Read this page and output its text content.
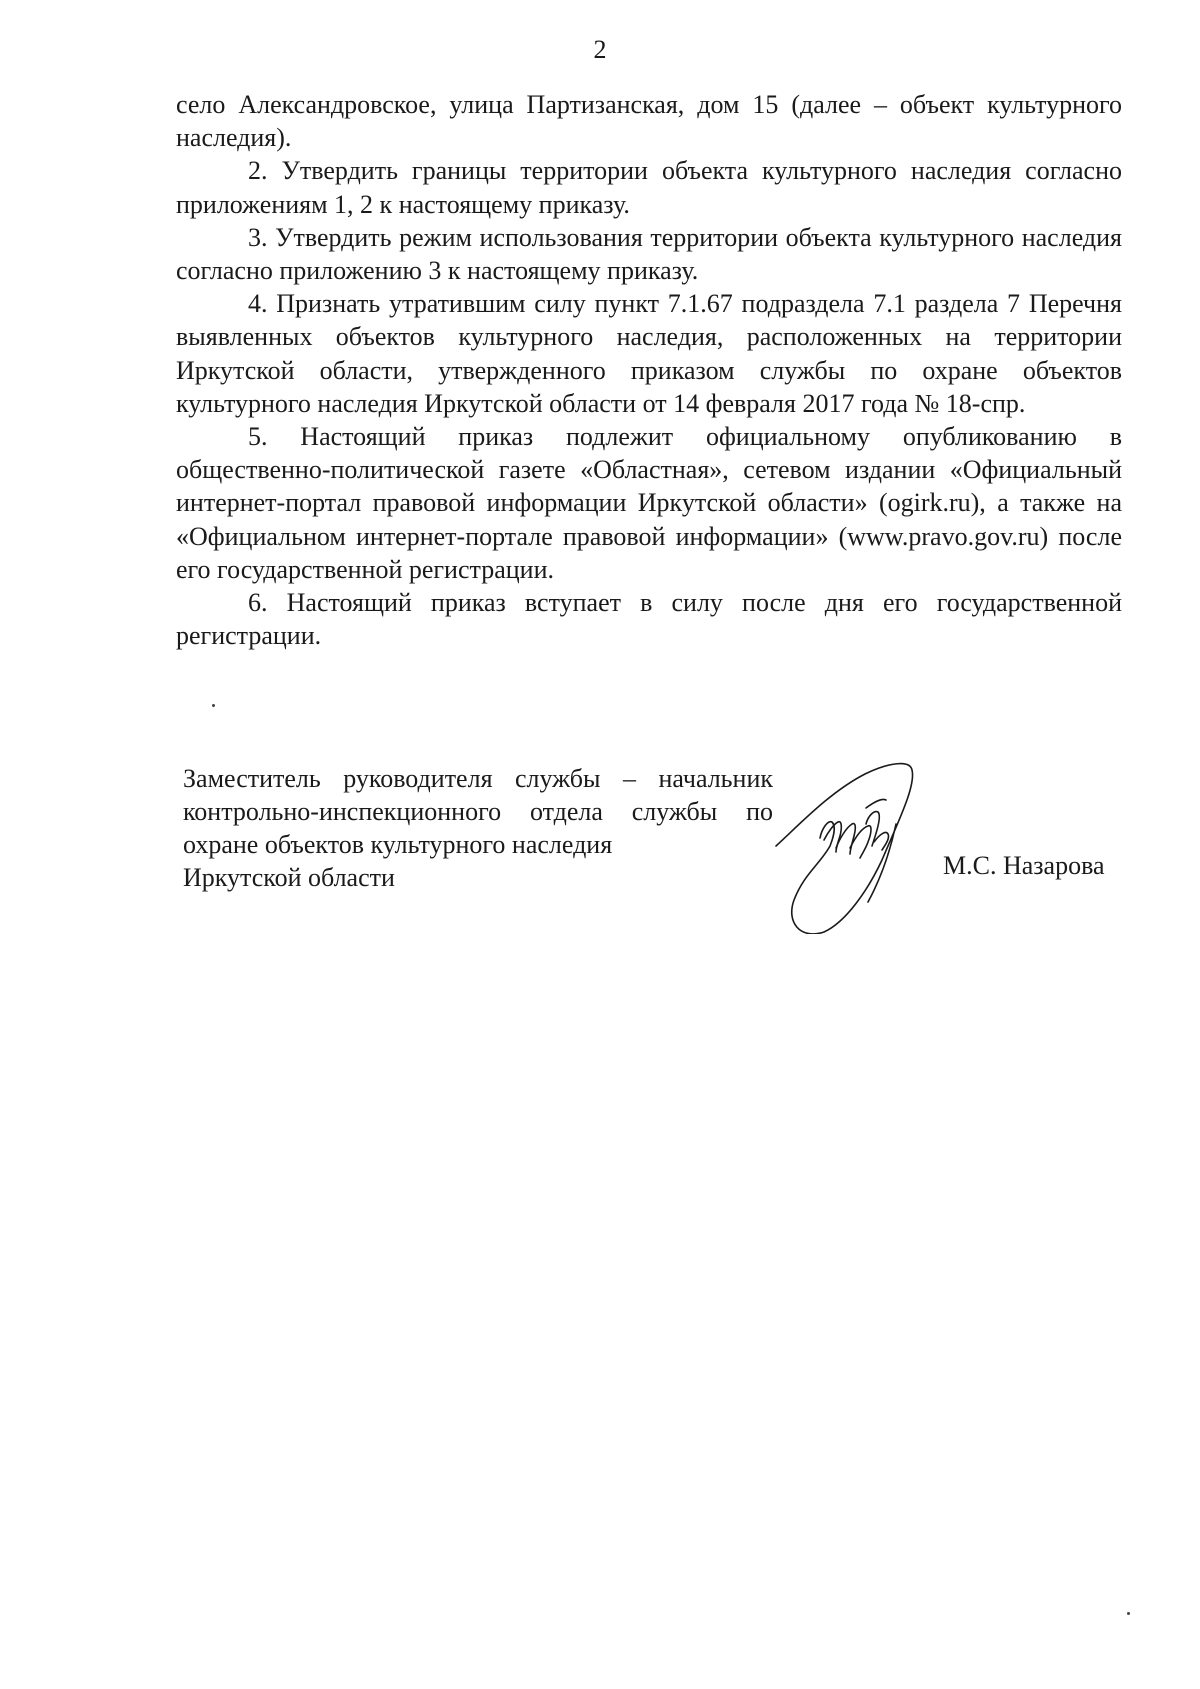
2

село Александровское, улица Партизанская, дом 15 (далее – объект культурного наследия).

2. Утвердить границы территории объекта культурного наследия согласно приложениям 1, 2 к настоящему приказу.

3. Утвердить режим использования территории объекта культурного наследия согласно приложению 3 к настоящему приказу.

4. Признать утратившим силу пункт 7.1.67 подраздела 7.1 раздела 7 Перечня выявленных объектов культурного наследия, расположенных на территории Иркутской области, утвержденного приказом службы по охране объектов культурного наследия Иркутской области от 14 февраля 2017 года № 18-спр.

5. Настоящий приказ подлежит официальному опубликованию в общественно-политической газете «Областная», сетевом издании «Официальный интернет-портал правовой информации Иркутской области» (ogirk.ru), а также на «Официальном интернет-портале правовой информации» (www.pravo.gov.ru) после его государственной регистрации.

6. Настоящий приказ вступает в силу после дня его государственной регистрации.

Заместитель руководителя службы – начальник контрольно-инспекционного отдела службы по охране объектов культурного наследия

Иркутской области	М.С. Назарова
